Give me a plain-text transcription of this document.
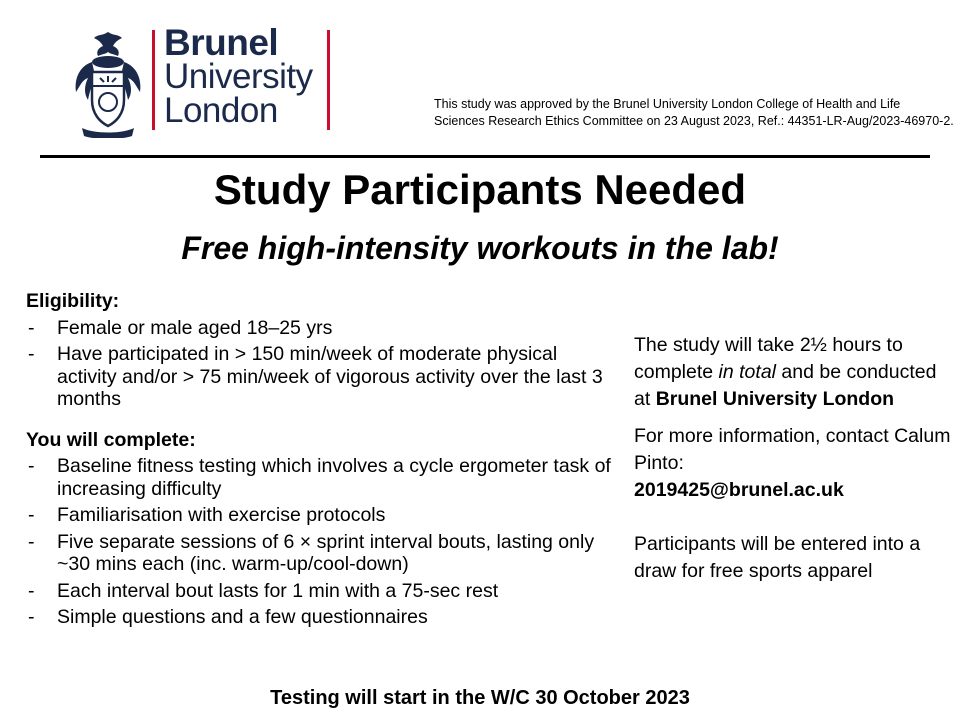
Brunel
University
London	This study was approved by the Brunel University London College of Health and Life Sciences Research Ethics Committee on 23 August 2023, Ref.: 44351-LR-Aug/2023-46970-2.
Study Participants Needed
Free high-intensity workouts in the lab!

Eligibility:

- Female or male aged 18–25 yrs
- Have participated in > 150 min/week of moderate physical activity and/or > 75 min/week of vigorous activity over the last 3 months

You will complete:

- Baseline fitness testing which involves a cycle ergometer task of increasing difficulty
- Familiarisation with exercise protocols
- Five separate sessions of 6 × sprint interval bouts, lasting only ~30 mins each (inc. warm-up/cool-down)
- Each interval bout lasts for 1 min with a 75-sec rest
- Simple questions and a few questionnaires

The study will take 2½ hours to complete in total and be conducted at Brunel University London

For more information, contact Calum Pinto:

2019425@brunel.ac.uk

Participants will be entered into a draw for free sports apparel

Testing will start in the W/C 30 October 2023
